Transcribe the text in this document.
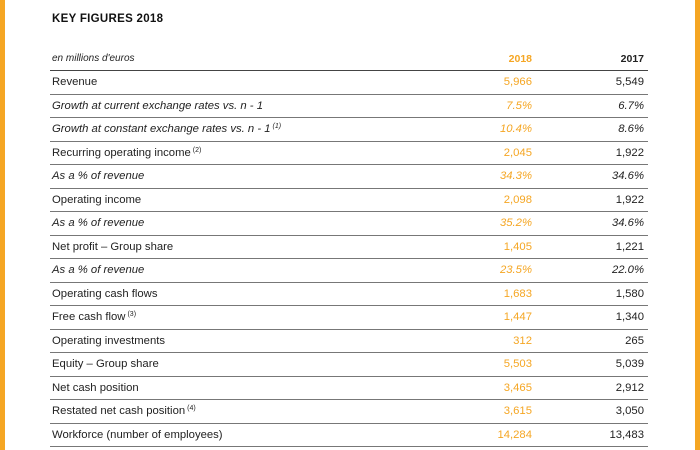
KEY FIGURES 2018
en millions d'euros	2018	2017
Revenue	5,966	5,549
Growth at current exchange rates vs. n - 1	7.5%	6.7%
Growth at constant exchange rates vs. n - 1 $^{(1)}$	10.4%	8.6%
Recurring operating income $^{(2)}$	2,045	1,922
As a % of revenue	34.3%	34.6%
Operating income	2,098	1,922
As a % of revenue	35.2%	34.6%
Net profit – Group share	1,405	1,221
As a % of revenue	23.5%	22.0%
Operating cash flows	1,683	1,580
Free cash flow $^{(3)}$	1,447	1,340
Operating investments	312	265
Equity – Group share	5,503	5,039
Net cash position	3,465	2,912
Restated net cash position $^{(4)}$	3,615	3,050
Workforce (number of employees)	14,284	13,483
